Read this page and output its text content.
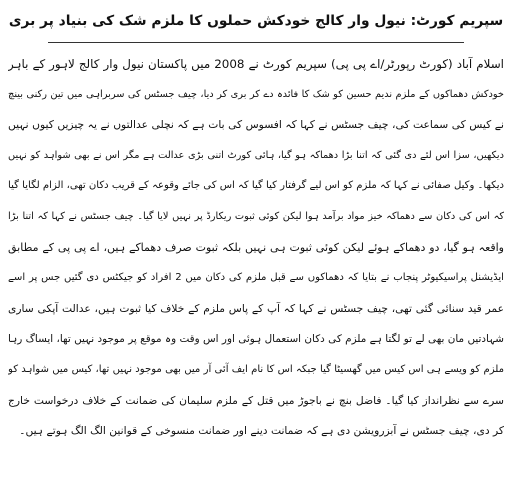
سپریم کورٹ: نیول وار کالج خودکش حملوں کا ملزم شک کی بنیاد پر بری
اسلام آباد (کورٹ رپورٹر/اے پی پی) سپریم کورٹ نے 2008 میں پاکستان نیول وار کالج لاہور کے باہر
خودکش دھماکوں کے ملزم ندیم حسین کو شک کا فائدہ دے کر بری کر دیا، چیف جسٹس کی سربراہی میں تین رکنی بینچ
نے کیس کی سماعت کی، چیف جسٹس نے کہا کہ افسوس کی بات ہے کہ نچلی عدالتوں نے یہ چیزیں کیوں نہیں
دیکھیں، سزا اس لئے دی گئی کہ اتنا بڑا دھماکہ ہو گیا، ہائی کورٹ اتنی بڑی عدالت ہے مگر اس نے بھی شواہد کو نہیں
دیکھا۔ وکیل صفائی نے کہا کہ ملزم کو اس لیے گرفتار کیا گیا کہ اس کی جائے وقوعہ کے قریب دکان تھی، الزام لگایا گیا
کہ اس کی دکان سے دھماکہ خیز مواد برآمد ہوا لیکن کوئی ثبوت ریکارڈ پر نہیں لایا گیا۔ چیف جسٹس نے کہا کہ اتنا بڑا
واقعہ ہو گیا، دو دھماکے ہوئے لیکن کوئی ثبوت ہی نہیں بلکہ ثبوت صرف دھماکے ہیں، اے پی پی کے مطابق
ایڈیشنل پراسیکیوٹر پنجاب نے بتایا کہ دھماکوں سے قبل ملزم کی دکان میں 2 افراد کو جیکٹس دی گئیں جس پر اسے
عمر قید سنائی گئی تھی، چیف جسٹس نے کہا کہ آپ کے پاس ملزم کے خلاف کیا ثبوت ہیں، عدالت آپکی ساری
شہادتیں مان بھی لے تو لگتا ہے ملزم کی دکان استعمال ہوئی اور اس وقت وہ موقع پر موجود نہیں تھا، ایساگ رہا
ملزم کو ویسے ہی اس کیس میں گھسیٹا گیا جبکہ اس کا نام ایف آئی آر میں بھی موجود نہیں تھا، کیس میں شواہد کو
سرے سے نظرانداز کیا گیا۔ فاضل بنچ نے باجوڑ میں قتل کے ملزم سلیمان کی ضمانت کے خلاف درخواست خارج
کر دی، چیف جسٹس نے آبزرویشن دی ہے کہ ضمانت دینے اور ضمانت منسوخی کے قوانین الگ الگ ہوتے ہیں۔
